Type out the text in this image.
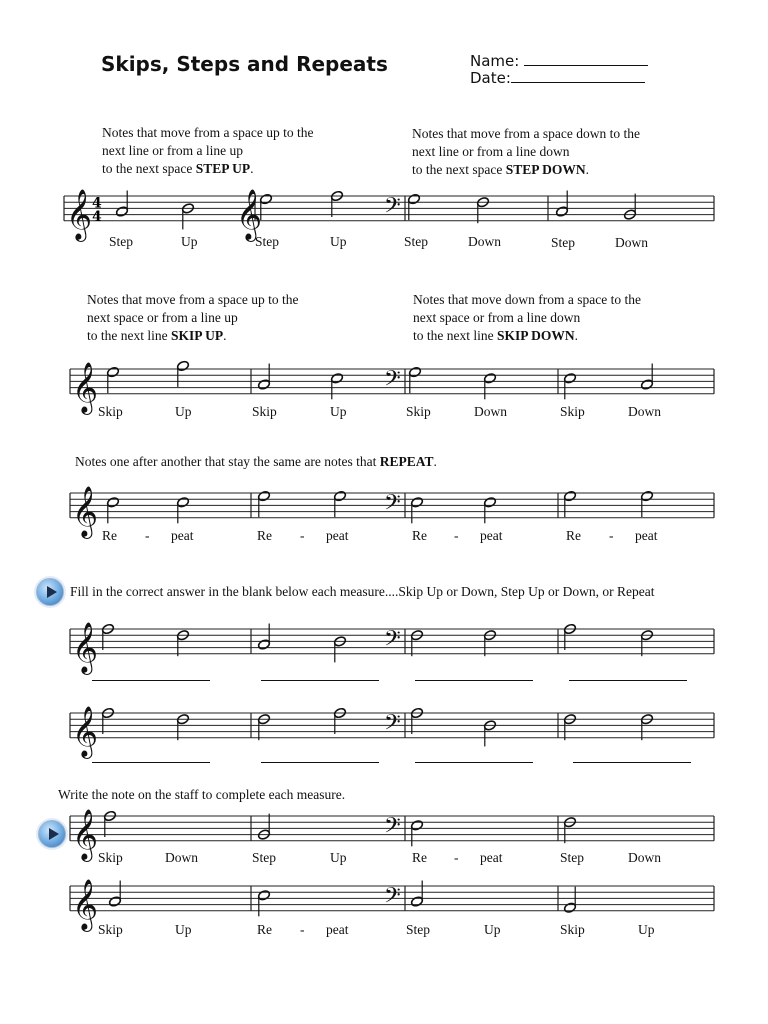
Skips, Steps and Repeats	Name:
Date:
Notes that move from a space up to the
next line or from a line up
to the next space STEP UP.
Notes that move from a space down to the
next line or from a line down
to the next space STEP DOWN.
Notes that move from a space up to the
next space or from a line up
to the next line SKIP UP.
Notes that move down from a space to the
next space or from a line down
to the next line SKIP DOWN.
Notes one after another that stay the same are notes that REPEAT.
Fill in the correct answer in the blank below each measure....Skip Up or Down, Step Up or Down, or Repeat
Write the note on the staff to complete each measure.
𝄞	𝄞	𝄢
4
4
𝄞	𝄢
𝄞	𝄢
𝄞	𝄢
𝄞	𝄢
𝄞	𝄢
𝄞	𝄢
Step	Up	Step	Up	Step	Down	Step	Down
Skip	Up	Skip	Up	Skip	Down	Skip	Down
Re - peat	Re - peat	Re - peat	Re - peat
Skip	Down	Step	Up	Re - peat	Step	Down
Skip	Up	Re - peat	Step	Up	Skip	Up
